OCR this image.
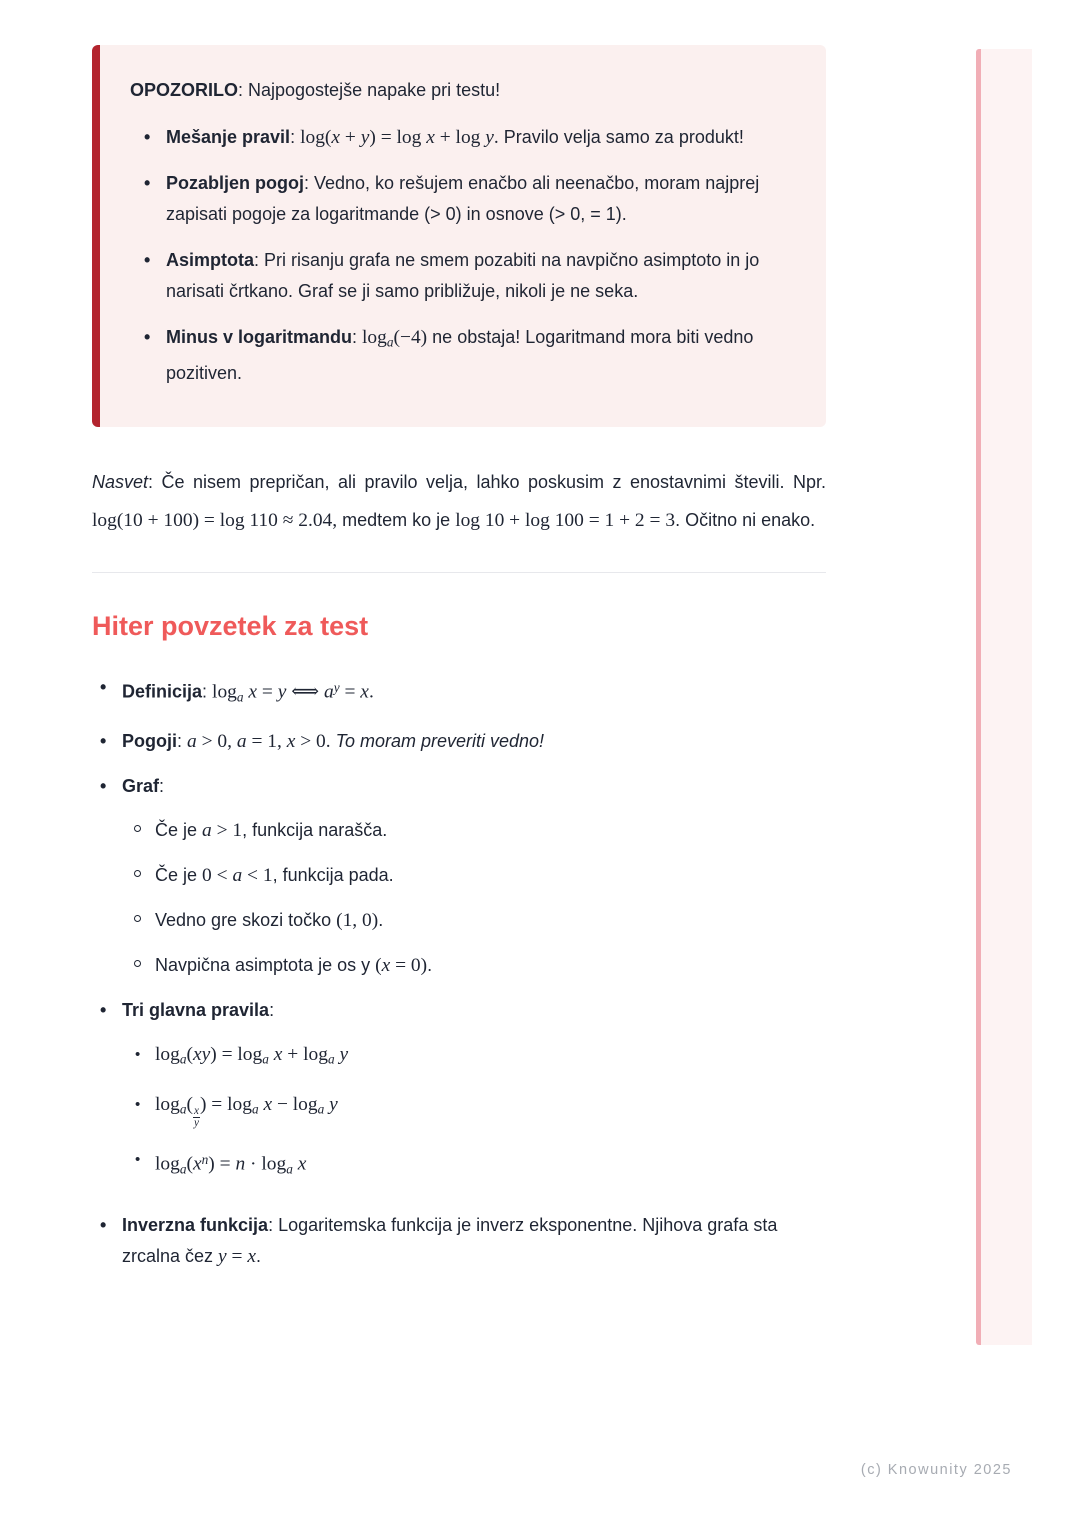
OPOZORILO: Najpogostejše napake pri testu!
• Mešanje pravil: log(x + y) = log x + log y. Pravilo velja samo za produkt!
• Pozabljen pogoj: Vedno, ko rešujem enačbo ali neenačbo, moram najprej zapisati pogoje za logaritmande (> 0) in osnove (> 0, = 1).
• Asimptota: Pri risanju grafa ne smem pozabiti na navpično asimptoto in jo narisati črtkano. Graf se ji samo približuje, nikoli je ne seka.
• Minus v logaritmandu: $\log_a(-4)$ ne obstaja! Logaritmand mora biti vedno pozitiven.

Nasvet: Če nisem prepričan, ali pravilo velja, lahko poskusim z enostavnimi števili. Npr. log(10 + 100) = log 110 ≈ 2.04, medtem ko je log 10 + log 100 = 1 + 2 = 3. Očitno ni enako.

Hiter povzetek za test
• Definicija: $\log_a x = y$ ⟺ $a^y = x$.
• Pogoji: a > 0, a = 1, x > 0. To moram preveriti vedno!
• Graf:
Če je a > 1, funkcija narašča.
Če je 0 < a < 1, funkcija pada.
Vedno gre skozi točko (1, 0).
Navpična asimptota je os y (x = 0).
• Tri glavna pravila:
• $\log_a(xy) = \log_a x + \log_a y$
• $\log_a$(
$\frac{x}{y}$
) = $\log_a x - \log_a y$
• $\log_a(x^n) = n \cdot \log_a x$
• Inverzna funkcija: Logaritemska funkcija je inverz eksponentne. Njihova grafa sta zrcalna čez y = x.
(c) Knowunity 2025
